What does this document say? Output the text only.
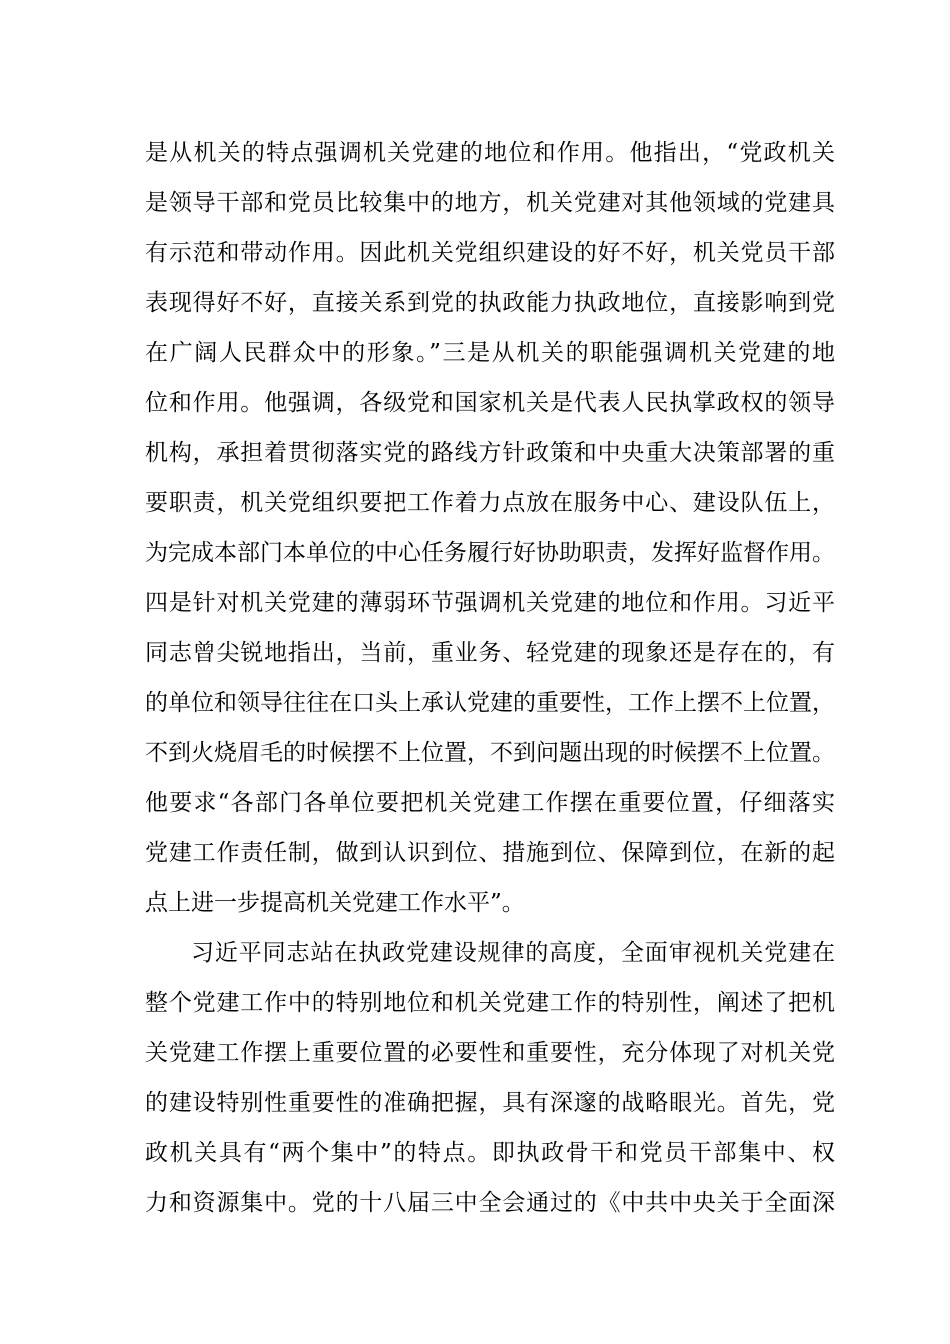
是从机关的特点强调机关党建的地位和作用。他指出，“党政机关
是领导干部和党员比较集中的地方，机关党建对其他领域的党建具
有示范和带动作用。因此机关党组织建设的好不好，机关党员干部
表现得好不好，直接关系到党的执政能力执政地位，直接影响到党
在广阔人民群众中的形象。”三是从机关的职能强调机关党建的地
位和作用。他强调，各级党和国家机关是代表人民执掌政权的领导
机构，承担着贯彻落实党的路线方针政策和中央重大决策部署的重
要职责，机关党组织要把工作着力点放在服务中心、建设队伍上，
为完成本部门本单位的中心任务履行好协助职责，发挥好监督作用。
四是针对机关党建的薄弱环节强调机关党建的地位和作用。习近平
同志曾尖锐地指出，当前，重业务、轻党建的现象还是存在的，有
的单位和领导往往在口头上承认党建的重要性，工作上摆不上位置，
不到火烧眉毛的时候摆不上位置，不到问题出现的时候摆不上位置。
他要求“各部门各单位要把机关党建工作摆在重要位置，仔细落实
党建工作责任制，做到认识到位、措施到位、保障到位，在新的起
点上进一步提高机关党建工作水平”。
习近平同志站在执政党建设规律的高度，全面审视机关党建在
整个党建工作中的特别地位和机关党建工作的特别性，阐述了把机
关党建工作摆上重要位置的必要性和重要性，充分体现了对机关党
的建设特别性重要性的准确把握，具有深邃的战略眼光。首先，党
政机关具有“两个集中”的特点。即执政骨干和党员干部集中、权
力和资源集中。党的十八届三中全会通过的《中共中央关于全面深
